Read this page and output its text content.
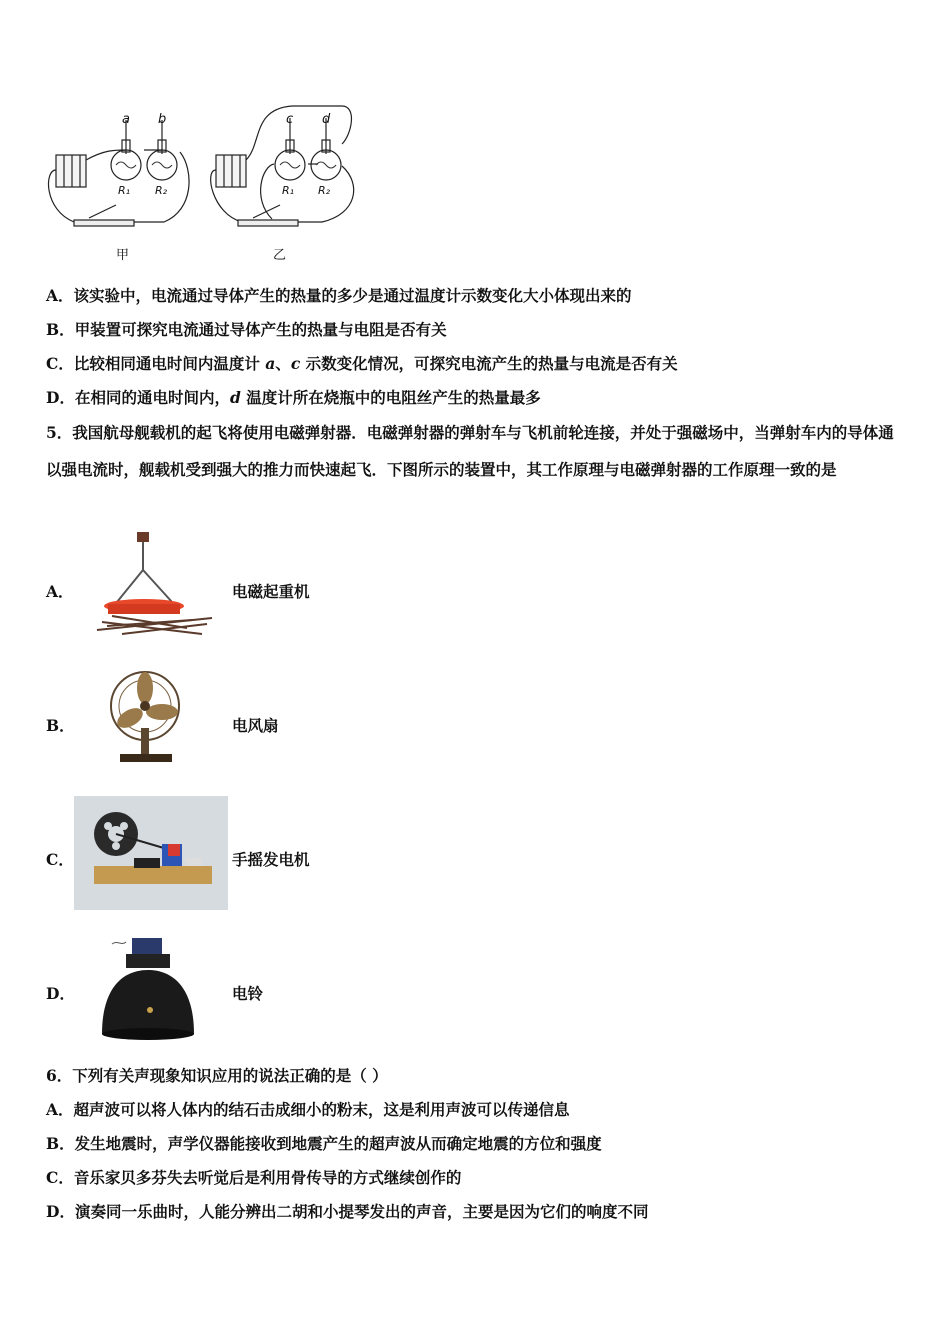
a b
R₁ R₂
甲
c d
R₁ R₂
乙
A．该实验中，电流通过导体产生的热量的多少是通过温度计示数变化大小体现出来的
B．甲装置可探究电流通过导体产生的热量与电阻是否有关
C．比较相同通电时间内温度计 a、c 示数变化情况，可探究电流产生的热量与电流是否有关
D．在相同的通电时间内，d 温度计所在烧瓶中的电阻丝产生的热量最多
5．我国航母舰载机的起飞将使用电磁弹射器．电磁弹射器的弹射车与飞机前轮连接，并处于强磁场中，当弹射车内的导体通以强电流时，舰载机受到强大的推力而快速起飞．下图所示的装置中，其工作原理与电磁弹射器的工作原理一致的是
A．	电磁起重机
B．	电风扇
C．	手摇发电机
D．	电铃
6．下列有关声现象知识应用的说法正确的是（ ）
A．超声波可以将人体内的结石击成细小的粉末，这是利用声波可以传递信息
B．发生地震时，声学仪器能接收到地震产生的超声波从而确定地震的方位和强度
C．音乐家贝多芬失去听觉后是利用骨传导的方式继续创作的
D．演奏同一乐曲时，人能分辨出二胡和小提琴发出的声音，主要是因为它们的响度不同
